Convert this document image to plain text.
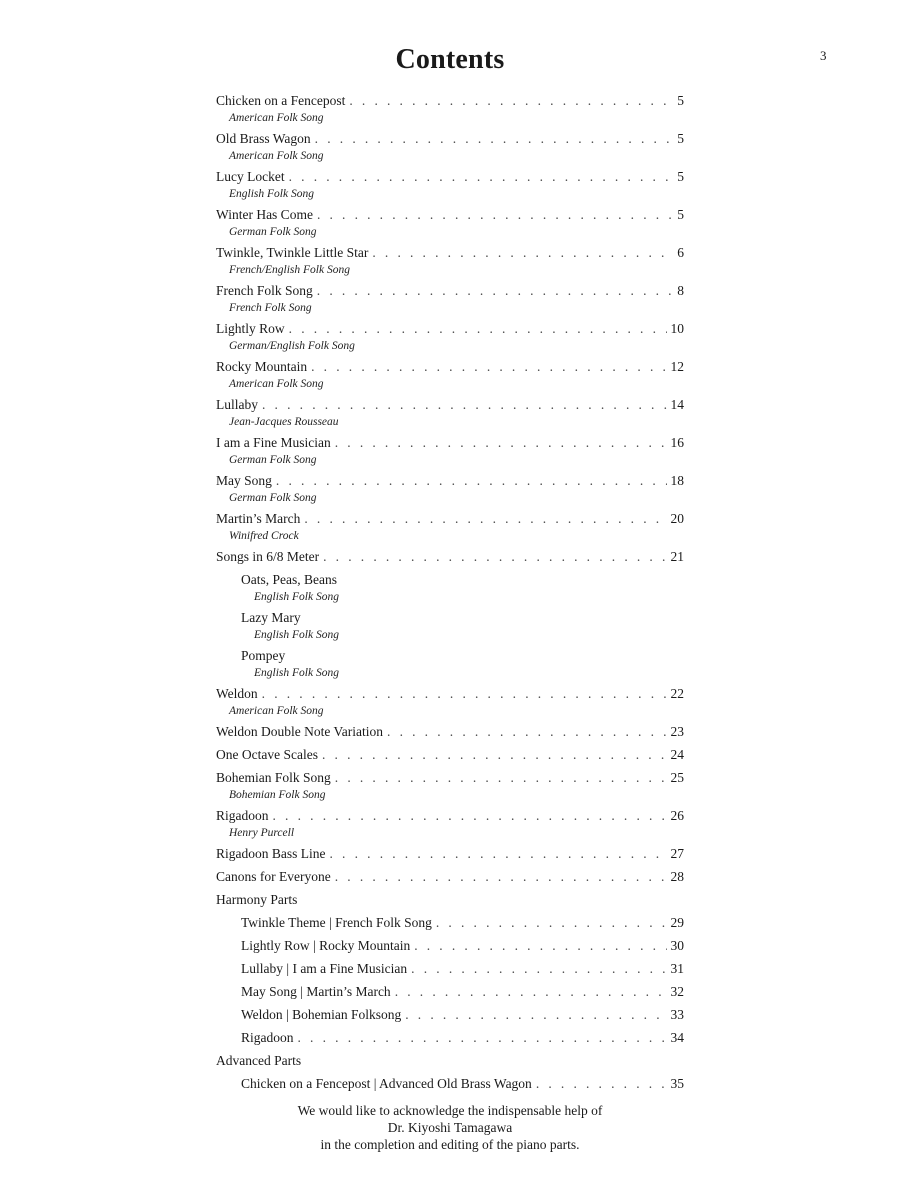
3
Contents
Chicken on a Fencepost . . .	5
American Folk Song
Old Brass Wagon . . .	5
American Folk Song
Lucy Locket . . .	5
English Folk Song
Winter Has Come . . .	5
German Folk Song
Twinkle, Twinkle Little Star . . .	6
French/English Folk Song
French Folk Song . . .	8
French Folk Song
Lightly Row . . .	10
German/English Folk Song
Rocky Mountain . . .	12
American Folk Song
Lullaby . . .	14
Jean-Jacques Rousseau
I am a Fine Musician . . .	16
German Folk Song
May Song . . .	18
German Folk Song
Martin’s March . . .	20
Winifred Crock
Songs in 6/8 Meter . . .	21
Oats, Peas, Beans
English Folk Song
Lazy Mary
English Folk Song
Pompey
English Folk Song
Weldon . . .	22
American Folk Song
Weldon Double Note Variation . . .	23
One Octave Scales . . .	24
Bohemian Folk Song . . .	25
Bohemian Folk Song
Rigadoon . . .	26
Henry Purcell
Rigadoon Bass Line . . .	27
Canons for Everyone . . .	28
Harmony Parts
Twinkle Theme | French Folk Song . . .	29
Lightly Row | Rocky Mountain . . .	30
Lullaby | I am a Fine Musician . . .	31
May Song | Martin’s March . . .	32
Weldon | Bohemian Folksong . . .	33
Rigadoon . . .	34
Advanced Parts
Chicken on a Fencepost | Advanced Old Brass Wagon . . .	35
We would like to acknowledge the indispensable help of
Dr. Kiyoshi Tamagawa
in the completion and editing of the piano parts.
